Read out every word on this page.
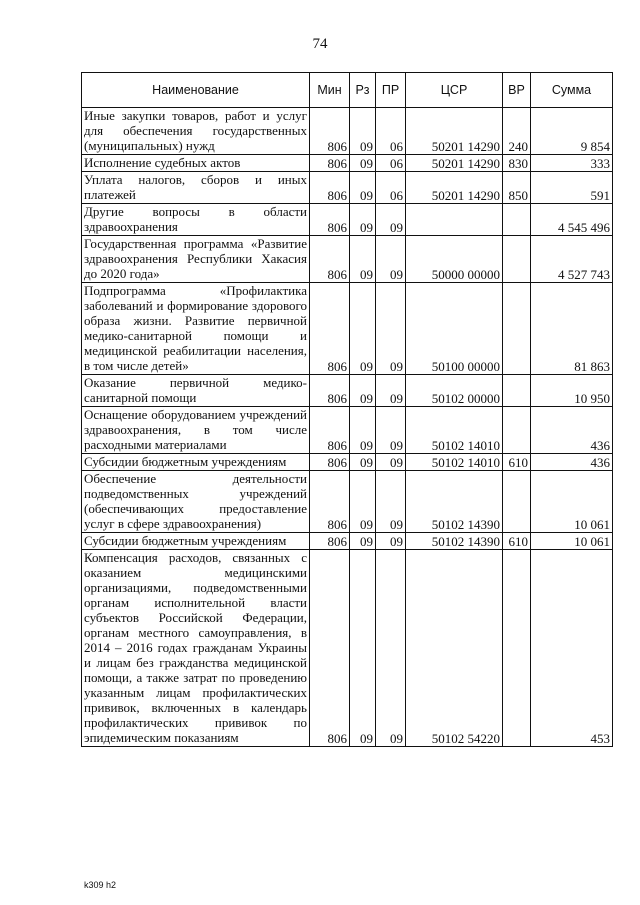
74
Наименование	Мин	Рз	ПР	ЦСР	ВР	Сумма
Иные закупки товаров, работ и услуг для обеспечения государственных (муниципальных) нужд	806	09	06	50201 14290	240	9 854
Исполнение судебных актов	806	09	06	50201 14290	830	333
Уплата налогов, сборов и иных платежей	806	09	06	50201 14290	850	591
Другие вопросы в области здравоохранения	806	09	09			4 545 496
Государственная программа «Развитие здравоохранения Республики Хакасия до 2020 года»	806	09	09	50000 00000		4 527 743
Подпрограмма «Профилактика заболеваний и формирование здорового образа жизни. Развитие первичной медико-санитарной помощи и медицинской реабилитации населения, в том числе детей»	806	09	09	50100 00000		81 863
Оказание первичной медико-санитарной помощи	806	09	09	50102 00000		10 950
Оснащение оборудованием учреждений здравоохранения, в том числе расходными материалами	806	09	09	50102 14010		436
Субсидии бюджетным учреждениям	806	09	09	50102 14010	610	436
Обеспечение деятельности подведомственных учреждений (обеспечивающих предоставление услуг в сфере здравоохранения)	806	09	09	50102 14390		10 061
Субсидии бюджетным учреждениям	806	09	09	50102 14390	610	10 061
Компенсация расходов, связанных с оказанием медицинскими организациями, подведомственными органам исполнительной власти субъектов Российской Федерации, органам местного самоуправления, в 2014 – 2016 годах гражданам Украины и лицам без гражданства медицинской помощи, а также затрат по проведению указанным лицам профилактических прививок, включенных в календарь профилактических прививок по эпидемическим показаниям	806	09	09	50102 54220		453
k309 h2
